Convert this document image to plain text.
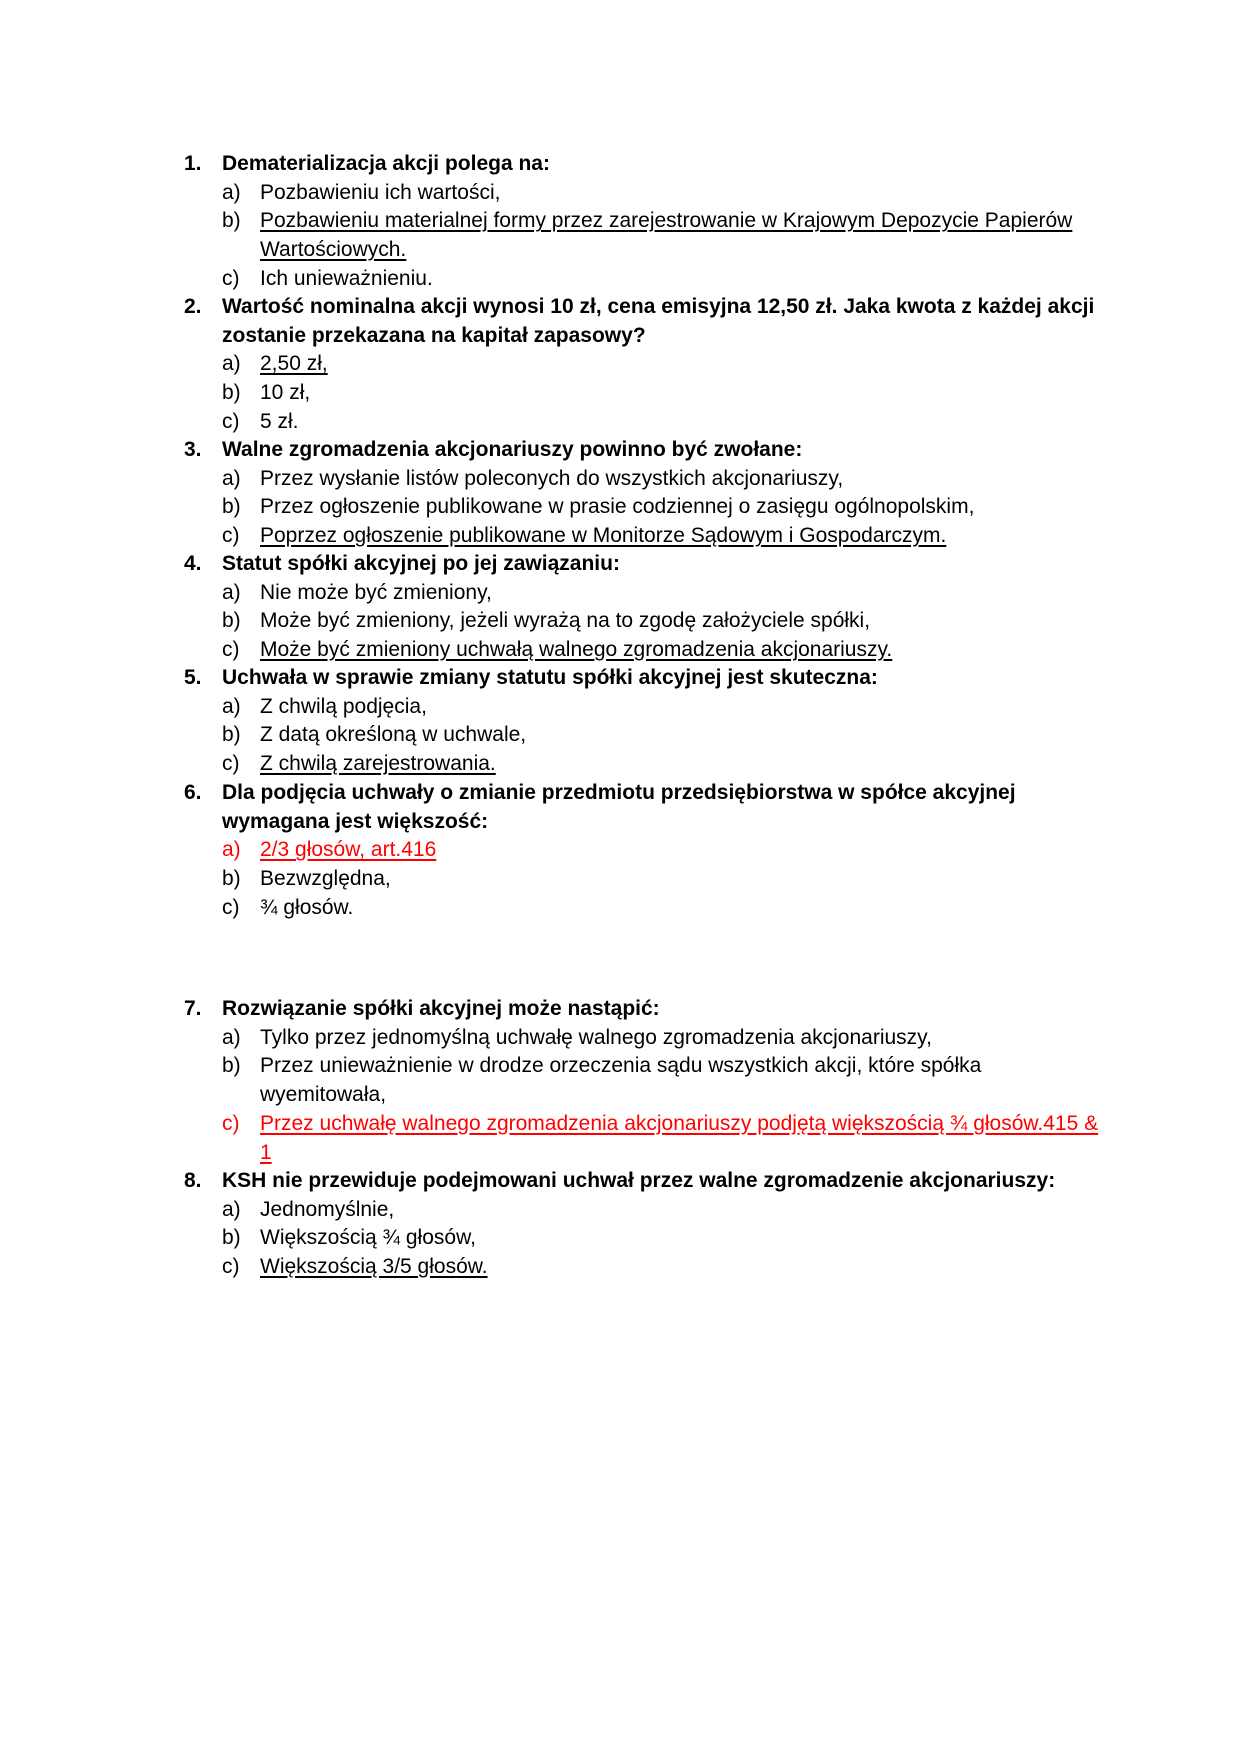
1. Dematerializacja akcji polega na:
a) Pozbawieniu ich wartości,
b) Pozbawieniu materialnej formy przez zarejestrowanie w Krajowym Depozycie Papierów
Wartościowych.
c) Ich unieważnieniu.
2. Wartość nominalna akcji wynosi 10 zł, cena emisyjna 12,50 zł. Jaka kwota z każdej akcji
zostanie przekazana na kapitał zapasowy?
a) 2,50 zł,
b) 10 zł,
c) 5 zł.
3. Walne zgromadzenia akcjonariuszy powinno być zwołane:
a) Przez wysłanie listów poleconych do wszystkich akcjonariuszy,
b) Przez ogłoszenie publikowane w prasie codziennej o zasięgu ogólnopolskim,
c) Poprzez ogłoszenie publikowane w Monitorze Sądowym i Gospodarczym.
4. Statut spółki akcyjnej po jej zawiązaniu:
a) Nie może być zmieniony,
b) Może być zmieniony, jeżeli wyrażą na to zgodę założyciele spółki,
c) Może być zmieniony uchwałą walnego zgromadzenia akcjonariuszy.
5. Uchwała w sprawie zmiany statutu spółki akcyjnej jest skuteczna:
a) Z chwilą podjęcia,
b) Z datą określoną w uchwale,
c) Z chwilą zarejestrowania.
6. Dla podjęcia uchwały o zmianie przedmiotu przedsiębiorstwa w spółce akcyjnej
wymagana jest większość:
a) 2/3 głosów, art.416
b) Bezwzględna,
c) ¾ głosów.
7. Rozwiązanie spółki akcyjnej może nastąpić:
a) Tylko przez jednomyślną uchwałę walnego zgromadzenia akcjonariuszy,
b) Przez unieważnienie w drodze orzeczenia sądu wszystkich akcji, które spółka
wyemitowała,
c) Przez uchwałę walnego zgromadzenia akcjonariuszy podjętą większością ¾ głosów.415 &
1
8. KSH nie przewiduje podejmowani uchwał przez walne zgromadzenie akcjonariuszy:
a) Jednomyślnie,
b) Większością ¾ głosów,
c) Większością 3/5 głosów.
